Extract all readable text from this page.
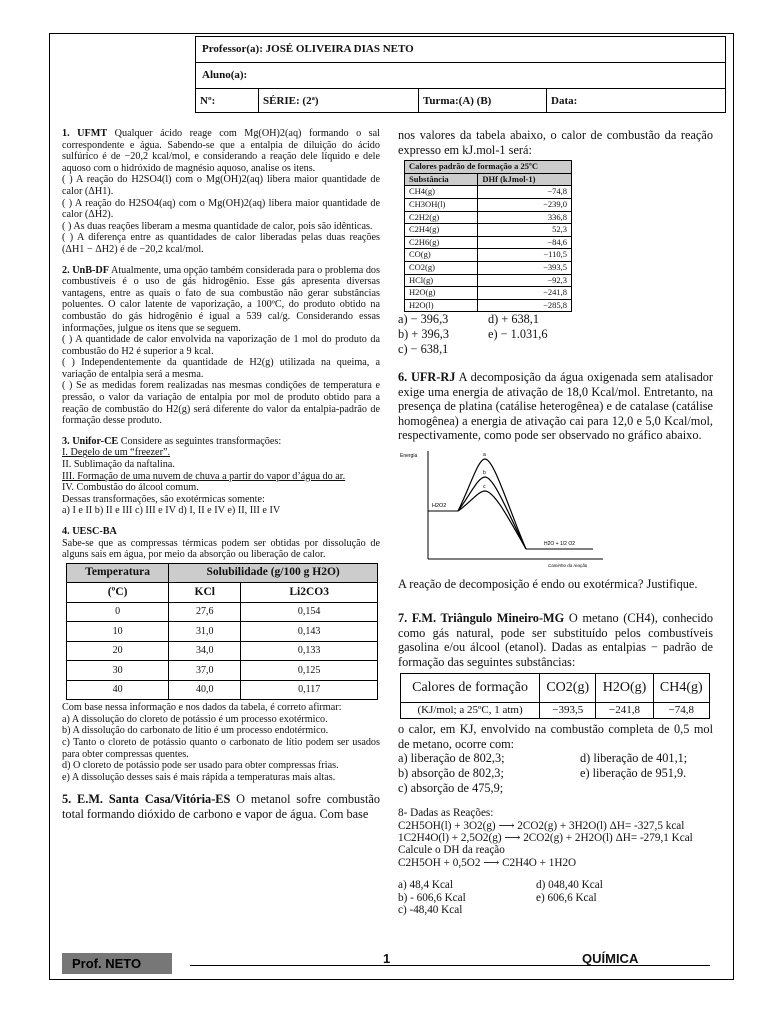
Professor(a): JOSÉ OLIVEIRA DIAS NETO
Aluno(a):
Nº:	SÉRIE: (2ª)	Turma:(A) (B)	Data:
1. UFMT Qualquer ácido reage com Mg(OH)2(aq) formando o sal correspondente e água. Sabendo-se que a entalpia de diluição do ácido sulfúrico é de −20,2 kcal/mol, e considerando a reação dele líquido e dele aquoso com o hidróxido de magnésio aquoso, analise os itens.
( ) A reação do H2SO4(l) com o Mg(OH)2(aq) libera maior quantidade de calor (ΔH1).
( ) A reação do H2SO4(aq) com o Mg(OH)2(aq) libera maior quantidade de calor (ΔH2).
( ) As duas reações liberam a mesma quantidade de calor, pois são idênticas.
( ) A diferença entre as quantidades de calor liberadas pelas duas reações (ΔH1 − ΔH2) é de −20,2 kcal/mol.
2. UnB-DF Atualmente, uma opção também considerada para o problema dos combustíveis é o uso de gás hidrogênio. Esse gás apresenta diversas vantagens, entre as quais o fato de sua combustão não gerar substâncias poluentes. O calor latente de vaporização, a 100ºC, do produto obtido na combustão do gás hidrogênio é igual a 539 cal/g. Considerando essas informações, julgue os itens que se seguem.
( ) A quantidade de calor envolvida na vaporização de 1 mol do produto da combustão do H2 é superior a 9 kcal.
( ) Independentemente da quantidade de H2(g) utilizada na queima, a variação de entalpia será a mesma.
( ) Se as medidas forem realizadas nas mesmas condições de temperatura e pressão, o valor da variação de entalpia por mol de produto obtido para a reação de combustão do H2(g) será diferente do valor da entalpia-padrão de formação desse produto.
3. Unifor-CE Considere as seguintes transformações:
I. Degelo de um “freezer”.
II. Sublimação da naftalina.
III. Formação de uma nuvem de chuva a partir do vapor d’água do ar.
IV. Combustão do álcool comum.
Dessas transformações, são exotérmicas somente:
a) I e II b) II e III c) III e IV d) I, II e IV e) II, III e IV
4. UESC-BA
Sabe-se que as compressas térmicas podem ser obtidas por dissolução de alguns sais em água, por meio da absorção ou liberação de calor.
Temperatura	Solubilidade (g/100 g H2O)	
(ºC)	KCl	Li2CO3
0	27,6	0,154
10	31,0	0,143
20	34,0	0,133
30	37,0	0,125
40	40,0	0,117
Com base nessa informação e nos dados da tabela, é correto afirmar:
a) A dissolução do cloreto de potássio é um processo exotérmico.
b) A dissolução do carbonato de lítio é um processo endotérmico.
c) Tanto o cloreto de potássio quanto o carbonato de lítio podem ser usados para obter compressas quentes.
d) O cloreto de potássio pode ser usado para obter compressas frias.
e) A dissolução desses sais é mais rápida a temperaturas mais altas.
5. E.M. Santa Casa/Vitória-ES O metanol sofre combustão total formando dióxido de carbono e vapor de água. Com base
nos valores da tabela abaixo, o calor de combustão da reação expresso em kJ.mol-1 será:
Calores padrão de formação a 25ºC	
Substância	DHf (kJmol-1)
CH4(g)	−74,8
CH3OH(l)	−239,0
C2H2(g)	336,8
C2H4(g)	52,3
C2H6(g)	−84,6
CO(g)	−110,5
CO2(g)	−393,5
HCl(g)	−92,3
H2O(g)	−241,8
H2O(l)	−285,8
a) − 396,3	d) + 638,1
b) + 396,3	e) − 1.031,6
c) − 638,1
6. UFR-RJ A decomposição da água oxigenada sem atalisador exige uma energia de ativação de 18,0 Kcal/mol. Entretanto, na presença de platina (catálise heterogênea) e de catalase (catálise homogênea) a energia de ativação cai para 12,0 e 5,0 Kcal/mol, respectivamente, como pode ser observado no gráfico abaixo.
Energia
Caminho da reação
H2O2
a
b
c
H2O + 1/2 O2
A reação de decomposição é endo ou exotérmica? Justifique.
7. F.M. Triângulo Mineiro-MG O metano (CH4), conhecido como gás natural, pode ser substituído pelos combustíveis gasolina e/ou álcool (etanol). Dadas as entalpias − padrão de formação das seguintes substâncias:
Calores de formação	CO2(g)	H2O(g)	CH4(g)
(KJ/mol; a 25ºC, 1 atm)	−393,5	−241,8	−74,8
o calor, em KJ, envolvido na combustão completa de 0,5 mol de metano, ocorre com:
a) liberação de 802,3;	d) liberação de 401,1;
b) absorção de 802,3;	e) liberação de 951,9.
c) absorção de 475,9;
8- Dadas as Reações:
C2H5OH(l) + 3O2(g) ⟶ 2CO2(g) + 3H2O(l) ΔH= -327,5 kcal
1C2H4O(l) + 2,5O2(g) ⟶ 2CO2(g) + 2H2O(l) ΔH= -279,1 Kcal
Calcule o DH da reação
C2H5OH + 0,5O2 ⟶ C2H4O + 1H2O
a) 48,4 Kcal	d) 048,40 Kcal
b) - 606,6 Kcal	e) 606,6 Kcal
c) -48,40 Kcal
Prof. NETO	1	QUÍMICA
